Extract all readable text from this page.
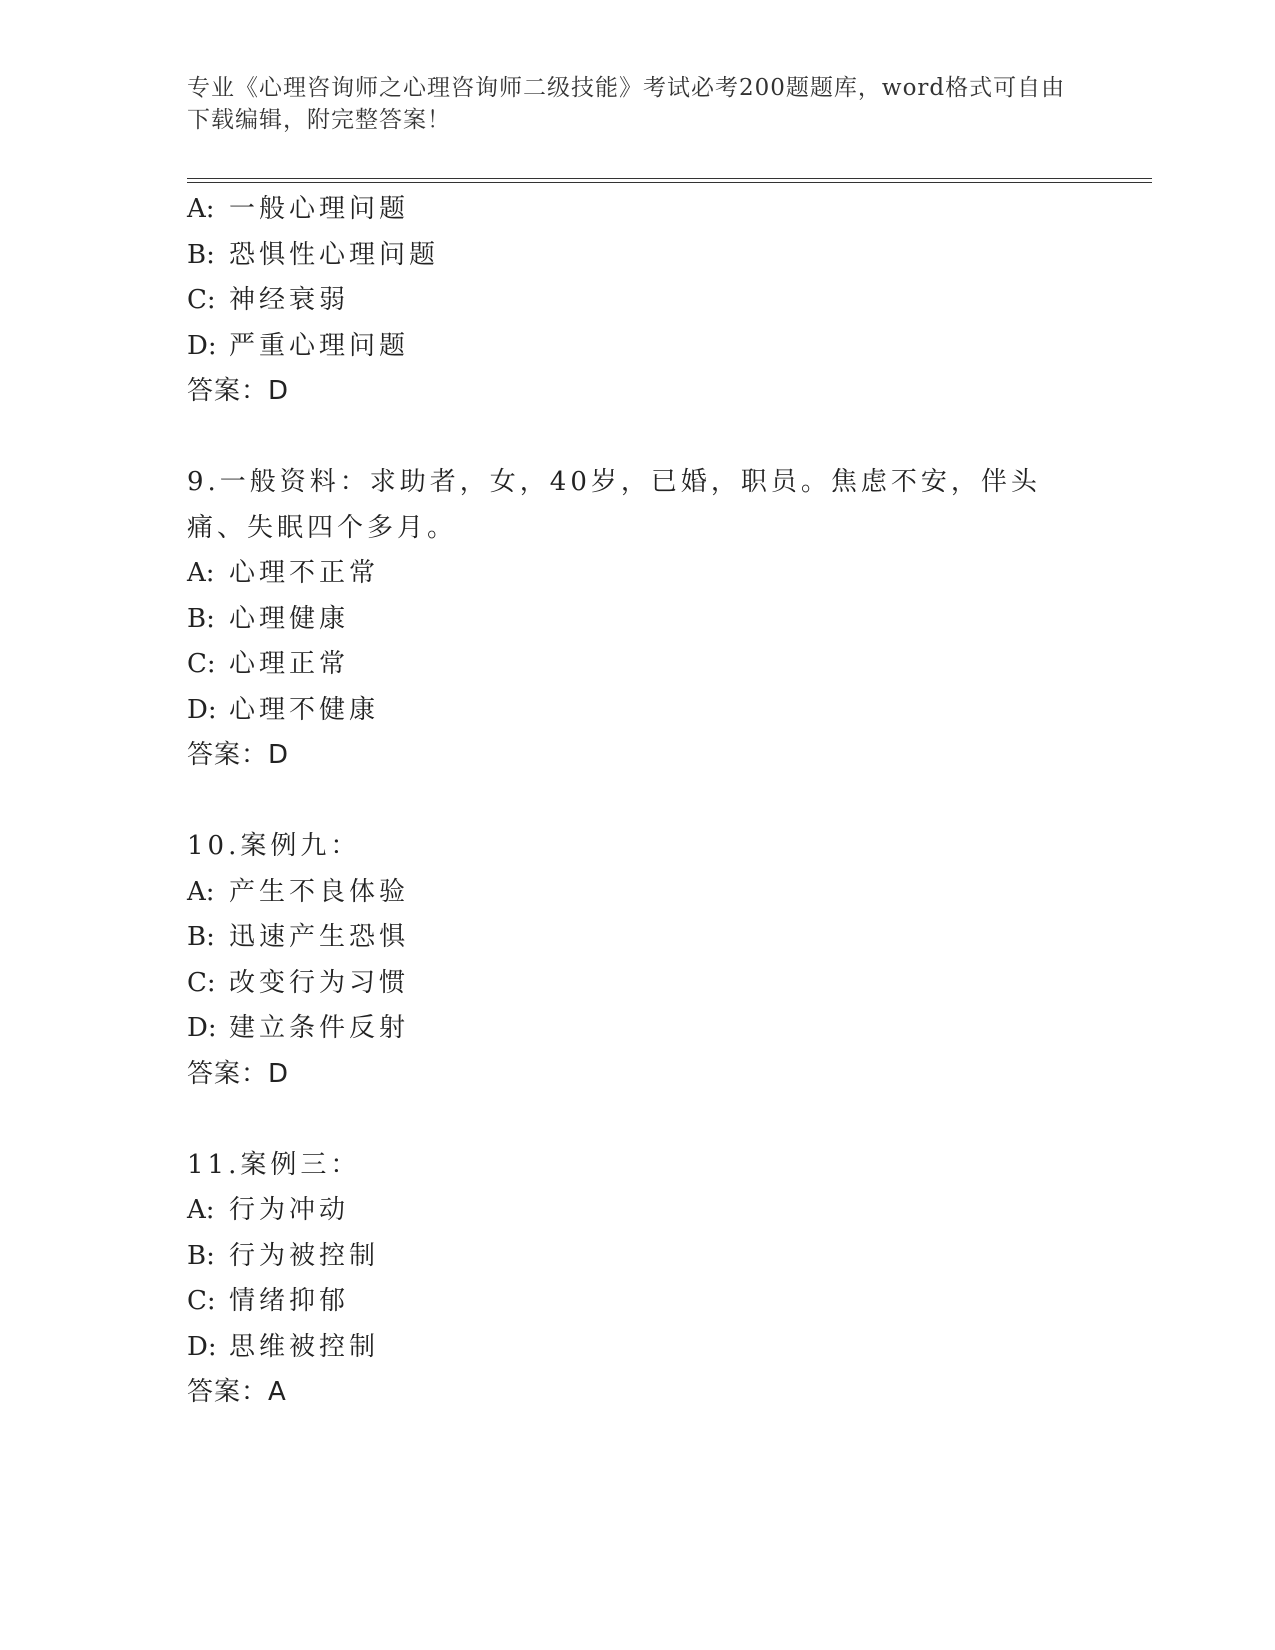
专业《心理咨询师之心理咨询师二级技能》考试必考200题题库，word格式可自由下载编辑，附完整答案！
A: 一般心理问题
B: 恐惧性心理问题
C: 神经衰弱
D: 严重心理问题
答案：D
9.一般资料：求助者，女，40岁，已婚，职员。焦虑不安，伴头痛、失眠四个多月。
A: 心理不正常
B: 心理健康
C: 心理正常
D: 心理不健康
答案：D
10.案例九：
A: 产生不良体验
B: 迅速产生恐惧
C: 改变行为习惯
D: 建立条件反射
答案：D
11.案例三：
A: 行为冲动
B: 行为被控制
C: 情绪抑郁
D: 思维被控制
答案：A
